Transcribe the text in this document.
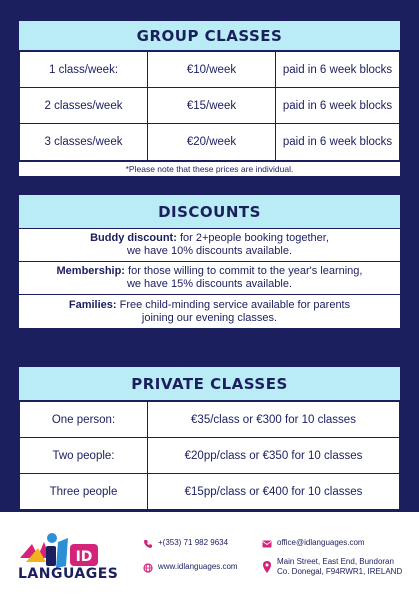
GROUP CLASSES
1 class/week:	€10/week	paid in 6 week blocks
2 classes/week	€15/week	paid in 6 week blocks
3 classes/week	€20/week	paid in 6 week blocks
*Please note that these prices are individual.
DISCOUNTS
Buddy discount: for 2+people booking together,
we have 10% discounts available.
Membership: for those willing to commit to the year's learning,
we have 15% discounts available.
Families: Free child-minding service available for parents
joining our evening classes.
PRIVATE CLASSES
One person:	€35/class or €300 for 10 classes
Two people:	€20pp/class or €350 for 10 classes
Three people	€15pp/class or €400 for 10 classes
ID
LANGUAGES
+(353) 71 982 9634
www.idlanguages.com
office@idlanguages.com
Main Street, East End, Bundoran
Co. Donegal, F94RWR1, IRELAND
